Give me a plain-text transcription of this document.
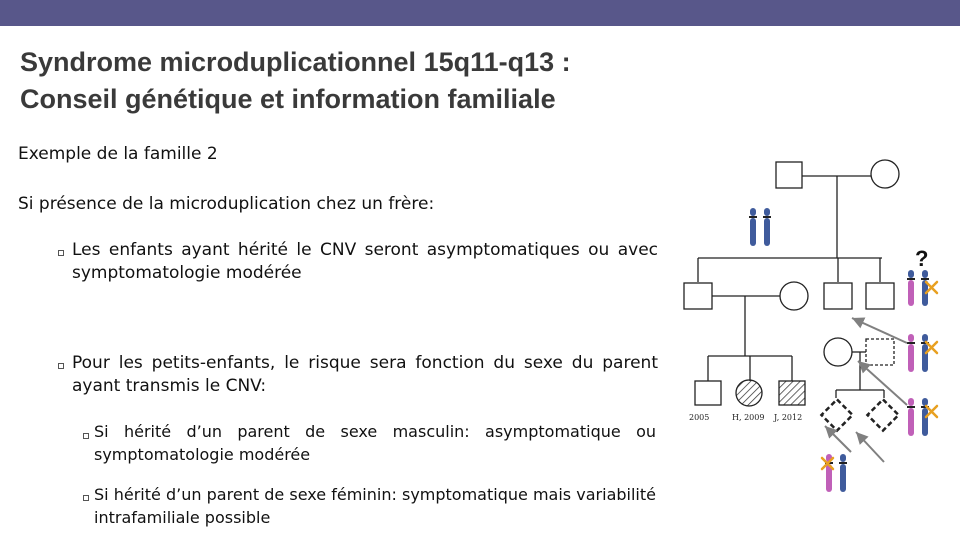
Syndrome microduplicationnel 15q11-q13 :
Conseil génétique et information familiale
Exemple de la famille 2
Si présence de la microduplication chez un frère:
Les enfants ayant hérité le CNV seront asymptomatiques ou avec symptomatologie modérée
Pour les petits-enfants, le risque sera fonction du sexe du parent ayant transmis le CNV:
Si hérité d’un parent de sexe masculin: asymptomatique ou symptomatologie modérée
Si hérité d’un parent de sexe féminin: symptomatique mais variabilité intrafamiliale possible
2005	H, 2009 J, 2012
?
